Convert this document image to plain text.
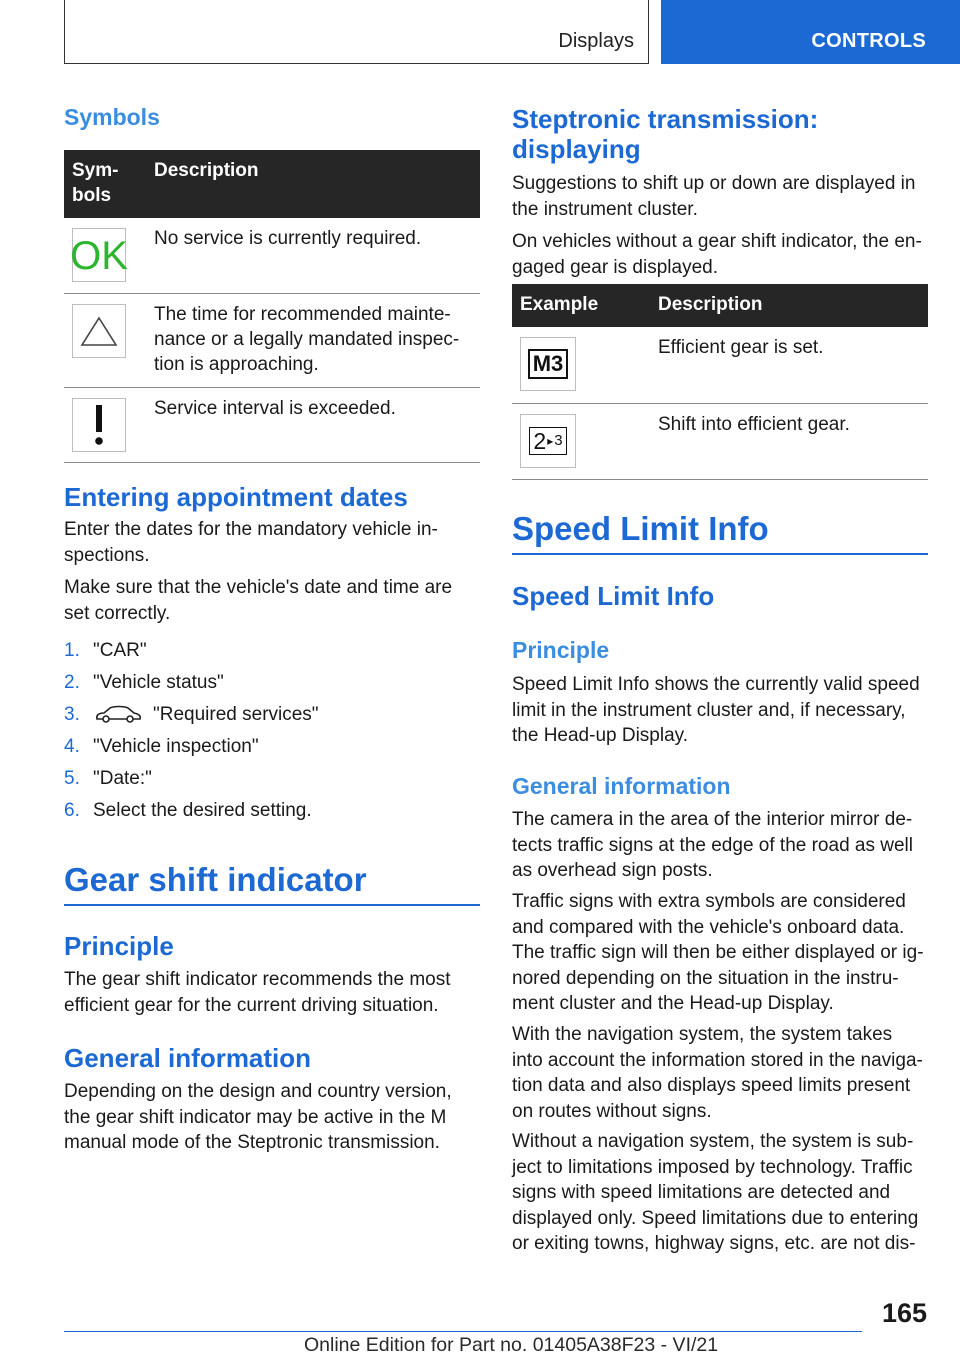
Displays	CONTROLS
Symbols
Sym‐
bols	Description

OK	No service is currently required.

	The time for recommended mainte‐
nance or a legally mandated inspec‐
tion is approaching.

	Service interval is exceeded.
Entering appointment dates
Enter the dates for the mandatory vehicle in‐
spections.
Make sure that the vehicle's date and time are
set correctly.
1. "CAR"
2. "Vehicle status"
3.	"Required services"
4. "Vehicle inspection"
5. "Date:"
6. Select the desired setting.
Gear shift indicator
Principle
The gear shift indicator recommends the most
efficient gear for the current driving situation.
General information
Depending on the design and country version,
the gear shift indicator may be active in the M
manual mode of the Steptronic transmission.
Steptronic transmission:
displaying
Suggestions to shift up or down are displayed in
the instrument cluster.
On vehicles without a gear shift indicator, the en‐
gaged gear is displayed.
Example	Description

M3	Efficient gear is set.

2 ▸ 3	Shift into efficient gear.
Speed Limit Info
Speed Limit Info
Principle
Speed Limit Info shows the currently valid speed
limit in the instrument cluster and, if necessary,
the Head-up Display.
General information
The camera in the area of the interior mirror de‐
tects traffic signs at the edge of the road as well
as overhead sign posts.
Traffic signs with extra symbols are considered
and compared with the vehicle's onboard data.
The traffic sign will then be either displayed or ig‐
nored depending on the situation in the instru‐
ment cluster and the Head-up Display.
With the navigation system, the system takes
into account the information stored in the naviga‐
tion data and also displays speed limits present
on routes without signs.
Without a navigation system, the system is sub‐
ject to limitations imposed by technology. Traffic
signs with speed limitations are detected and
displayed only. Speed limitations due to entering
or exiting towns, highway signs, etc. are not dis‐
165
Online Edition for Part no. 01405A38F23 - VI/21
